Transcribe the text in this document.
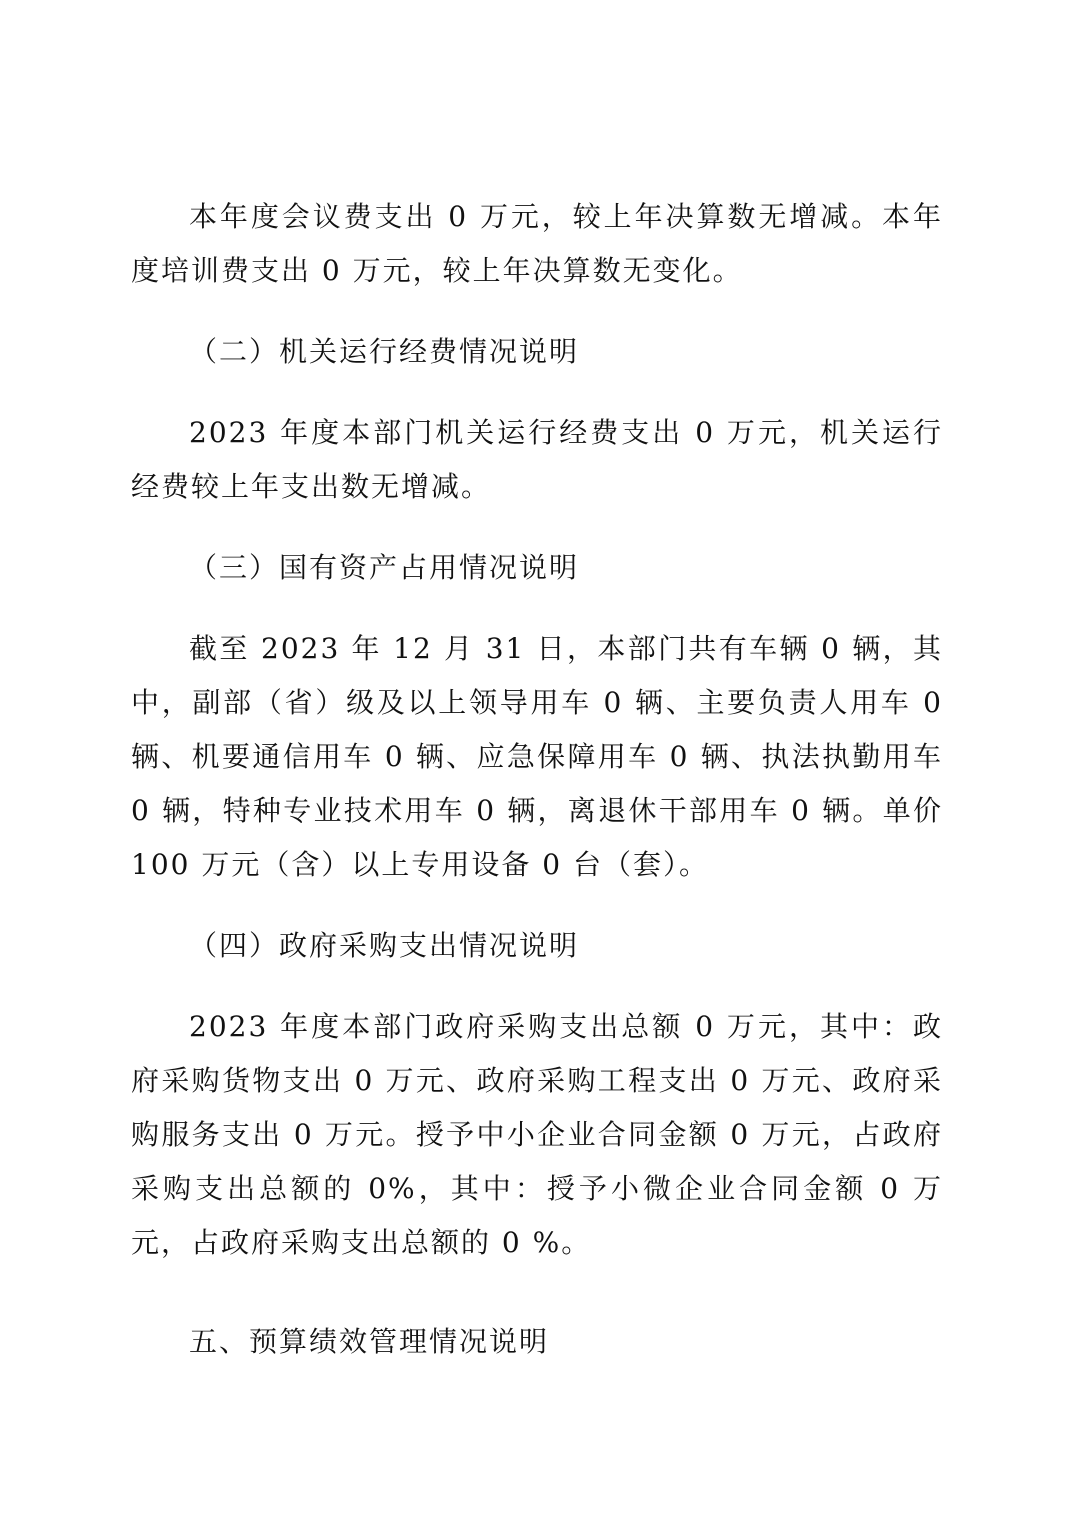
本年度会议费支出 0 万元，较上年决算数无增减。本年度培训费支出 0 万元，较上年决算数无变化。

（二）机关运行经费情况说明

2023 年度本部门机关运行经费支出 0 万元，机关运行经费较上年支出数无增减。

（三）国有资产占用情况说明

截至 2023 年 12 月 31 日，本部门共有车辆 0 辆，其中，副部（省）级及以上领导用车 0 辆、主要负责人用车 0 辆、机要通信用车 0 辆、应急保障用车 0 辆、执法执勤用车 0 辆，特种专业技术用车 0 辆，离退休干部用车 0 辆。单价 100 万元（含）以上专用设备 0 台（套）。

（四）政府采购支出情况说明

2023 年度本部门政府采购支出总额 0 万元，其中：政府采购货物支出 0 万元、政府采购工程支出 0 万元、政府采购服务支出 0 万元。授予中小企业合同金额 0 万元，占政府采购支出总额的 0%，其中：授予小微企业合同金额 0 万元，占政府采购支出总额的 0 %。

五、预算绩效管理情况说明
